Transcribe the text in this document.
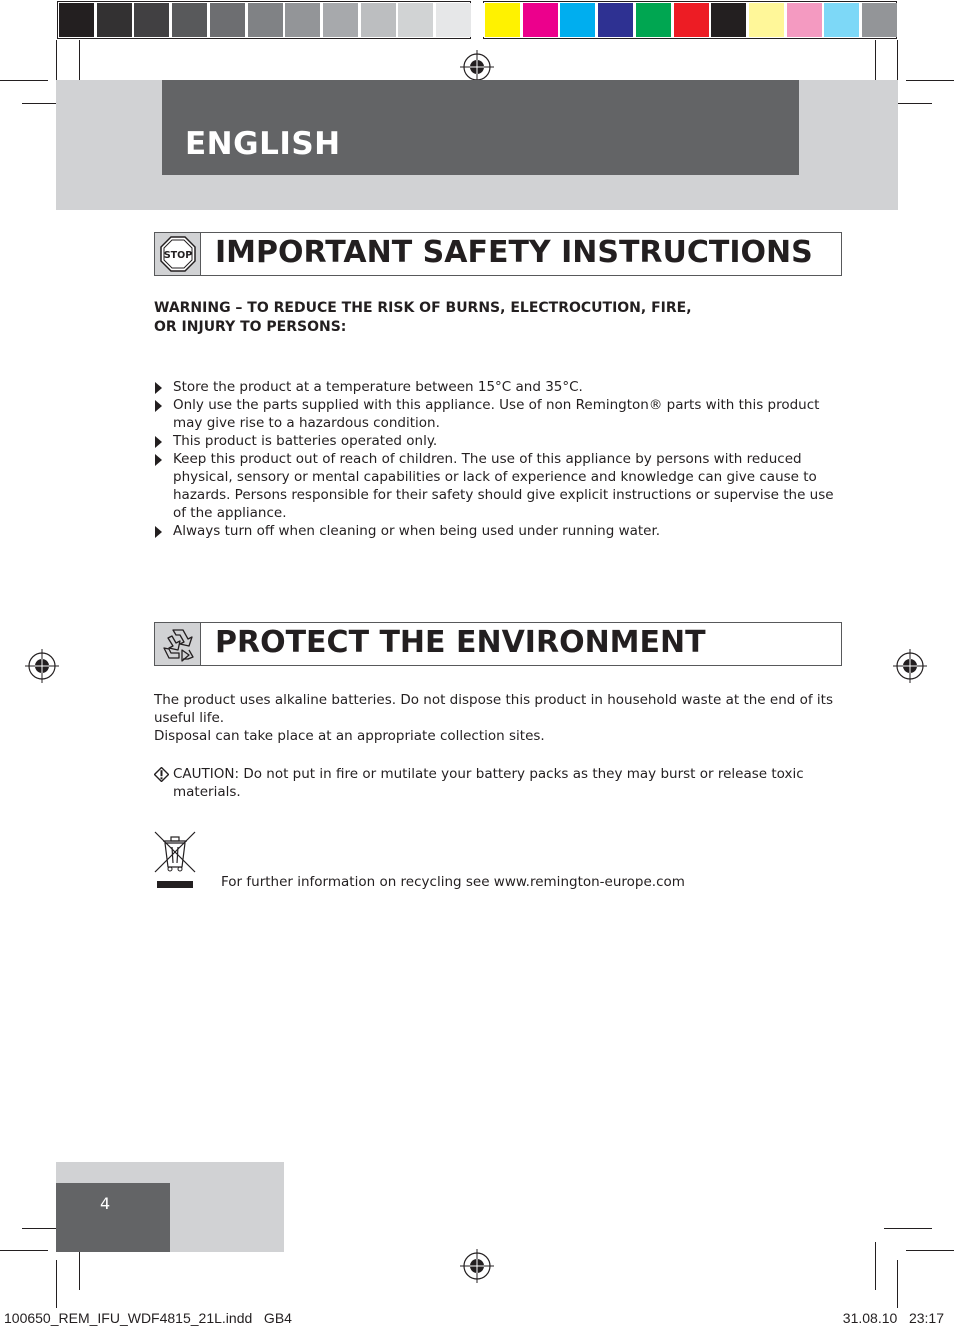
ENGLISH
STOP IMPORTANT SAFETY INSTRUCTIONS
WARNING – TO REDUCE THE RISK OF BURNS, ELECTROCUTION, FIRE,
OR INJURY TO PERSONS:
Store the product at a temperature between 15°C and 35°C.
Only use the parts supplied with this appliance. Use of non Remington® parts with this product may give rise to a hazardous condition.
This product is batteries operated only.
Keep this product out of reach of children. The use of this appliance by persons with reduced physical, sensory or mental capabilities or lack of experience and knowledge can give cause to hazards. Persons responsible for their safety should give explicit instructions or supervise the use of the appliance.
Always turn off when cleaning or when being used under running water.
PROTECT THE ENVIRONMENT
The product uses alkaline batteries. Do not dispose this product in household waste at the end of its useful life.
Disposal can take place at an appropriate collection sites.
CAUTION: Do not put in fire or mutilate your battery packs as they may burst or release toxic materials.
For further information on recycling see www.remington-europe.com
4
100650_REM_IFU_WDF4815_21L.indd   GB4	31.08.10   23:17
